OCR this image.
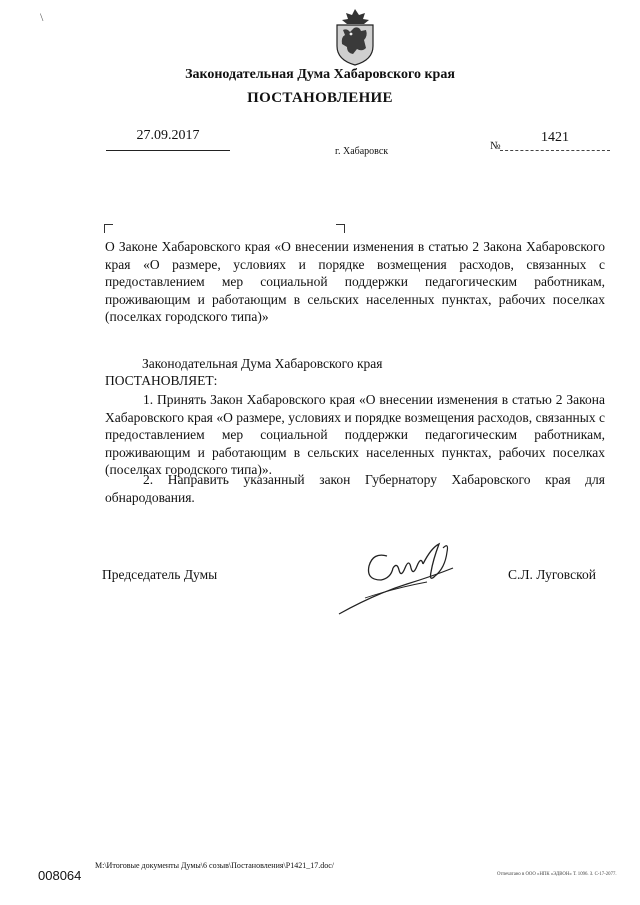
\
Законодательная Дума Хабаровского края
ПОСТАНОВЛЕНИЕ
27.09.2017
г. Хабаровск	№
1421

О Законе Хабаровского края «О внесении изменения в статью 2 Закона Хабаровского края «О размере, условиях и порядке возмещения расходов, связанных с предоставлением мер социальной поддержки педагогическим работникам, проживающим и работающим в сельских населенных пунктах, рабочих поселках (поселках городского типа)»

Законодательная Дума Хабаровского края
ПОСТАНОВЛЯЕТ:

1. Принять Закон Хабаровского края «О внесении изменения в статью 2 Закона Хабаровского края «О размере, условиях и порядке возмещения расходов, связанных с предоставлением мер социальной поддержки педагогическим работникам, проживающим и работающим в сельских населенных пунктах, рабочих поселках (поселках городского типа)».

2. Направить указанный закон Губернатору Хабаровского края для обнародования.

Председатель Думы	С.Л. Луговской
M:\Итоговые документы Думы\6 созыв\Постановления\P1421_17.doc/
008064	Отпечатано в ООО «НПК «ЭДВОН» Т. 1096. З. С-17-2077.
